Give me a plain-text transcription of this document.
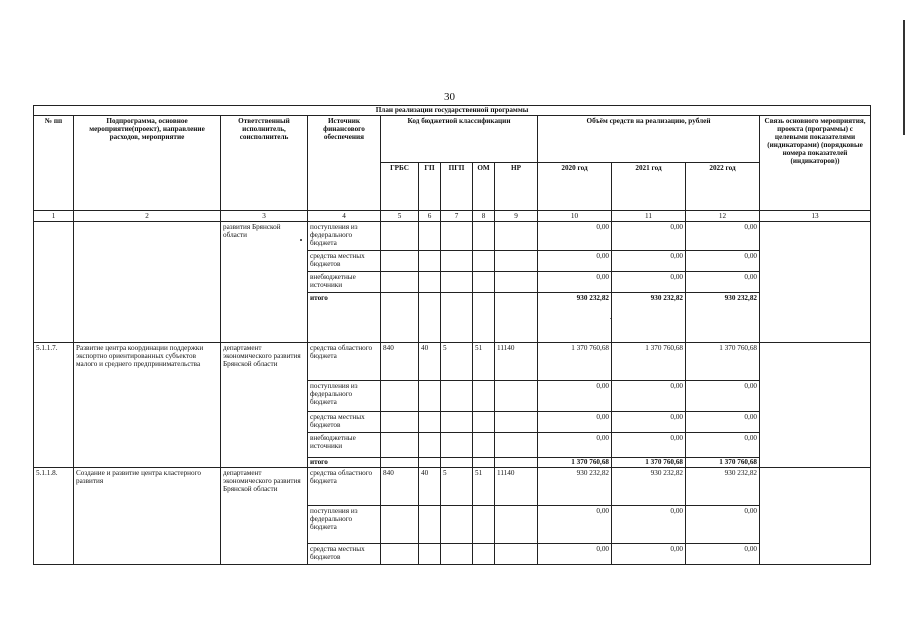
30
План реализации государственной программы												
№ пп	Подпрограмма, основное мероприятие(проект), направление расходов, мероприятие	Ответственный исполнитель, соисполнитель	Источник финансового обеспечения	Код бюджетной классификации					Объём средств на реализацию, рублей			Связь основного мероприятия, проекта (программы) с целевыми показателями (индикаторами) (порядковые номера показателей (индикаторов))
				ГРБС	ГП	ПГП	ОМ	НР	2020 год	2021 год	2022 год	
1	2	3	4	5	6	7	8	9	10	11	12	13
		развития Брянской области	поступления из федерального бюджета						0,00	0,00	0,00	
			средства местных бюджетов						0,00	0,00	0,00	
			внебюджетные источники						0,00	0,00	0,00	
			итого						930 232,82	930 232,82	930 232,82	
5.1.1.7.	Развитие центра координации поддержки экспортно ориентированных субъектов малого и среднего предпринимательства	департамент экономического развития Брянской области	средства областного бюджета	840	40	5	51	11140	1 370 760,68	1 370 760,68	1 370 760,68	
			поступления из федерального бюджета						0,00	0,00	0,00	
			средства местных бюджетов						0,00	0,00	0,00	
			внебюджетные источники						0,00	0,00	0,00	
			итого						1 370 760,68	1 370 760,68	1 370 760,68	
5.1.1.8.	Создание и развитие центра кластерного развития	департамент экономического развития Брянской области	средства областного бюджета	840	40	5	51	11140	930 232,82	930 232,82	930 232,82	
			поступления из федерального бюджета						0,00	0,00	0,00	
			средства местных бюджетов						0,00	0,00	0,00	
